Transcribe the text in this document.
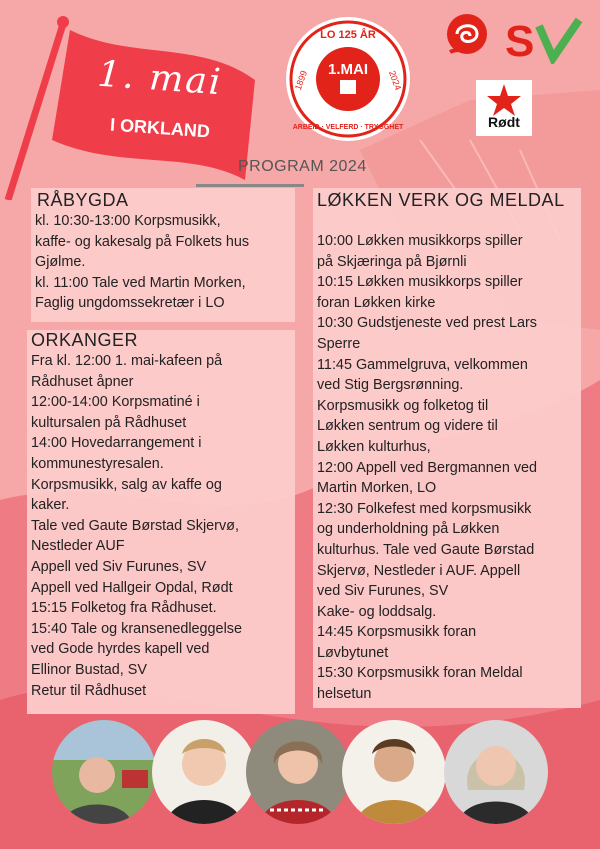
1. mai
I ORKLAND
LO 125 ÅR
1899	2024
1.MAI
ARBEID · VELFERD · TRYGGHET
S
Rødt
PROGRAM 2024
RÅBYGDA
kl. 10:30-13:00 Korpsmusikk,
kaffe- og kakesalg på Folkets hus
Gjølme.
kl. 11:00 Tale ved Martin Morken,
Faglig ungdomssekretær i LO
ORKANGER
Fra kl. 12:00 1. mai-kafeen på
Rådhuset åpner
12:00-14:00 Korpsmatiné i
kultursalen på Rådhuset
14:00 Hovedarrangement i
kommunestyresalen.
Korpsmusikk, salg av kaffe og
kaker.
Tale ved Gaute Børstad Skjervø,
Nestleder AUF
Appell ved Siv Furunes, SV
Appell ved Hallgeir Opdal, Rødt
15:15 Folketog fra Rådhuset.
15:40 Tale og kransenedleggelse
ved Gode hyrdes kapell ved
Ellinor Bustad, SV
Retur til Rådhuset
LØKKEN VERK OG MELDAL
10:00 Løkken musikkorps spiller
på Skjæringa på Bjørnli
10:15 Løkken musikkorps spiller
foran Løkken kirke
10:30 Gudstjeneste ved prest Lars
Sperre
11:45 Gammelgruva, velkommen
ved Stig Bergsrønning.
Korpsmusikk og folketog til
Løkken sentrum og videre til
Løkken kulturhus,
12:00 Appell ved Bergmannen ved
Martin Morken, LO
12:30 Folkefest med korpsmusikk
og underholdning på Løkken
kulturhus. Tale ved Gaute Børstad
Skjervø, Nestleder i AUF. Appell
ved Siv Furunes, SV
Kake- og loddsalg.
14:45 Korpsmusikk foran
Løvbytunet
15:30 Korpsmusikk foran Meldal
helsetun
